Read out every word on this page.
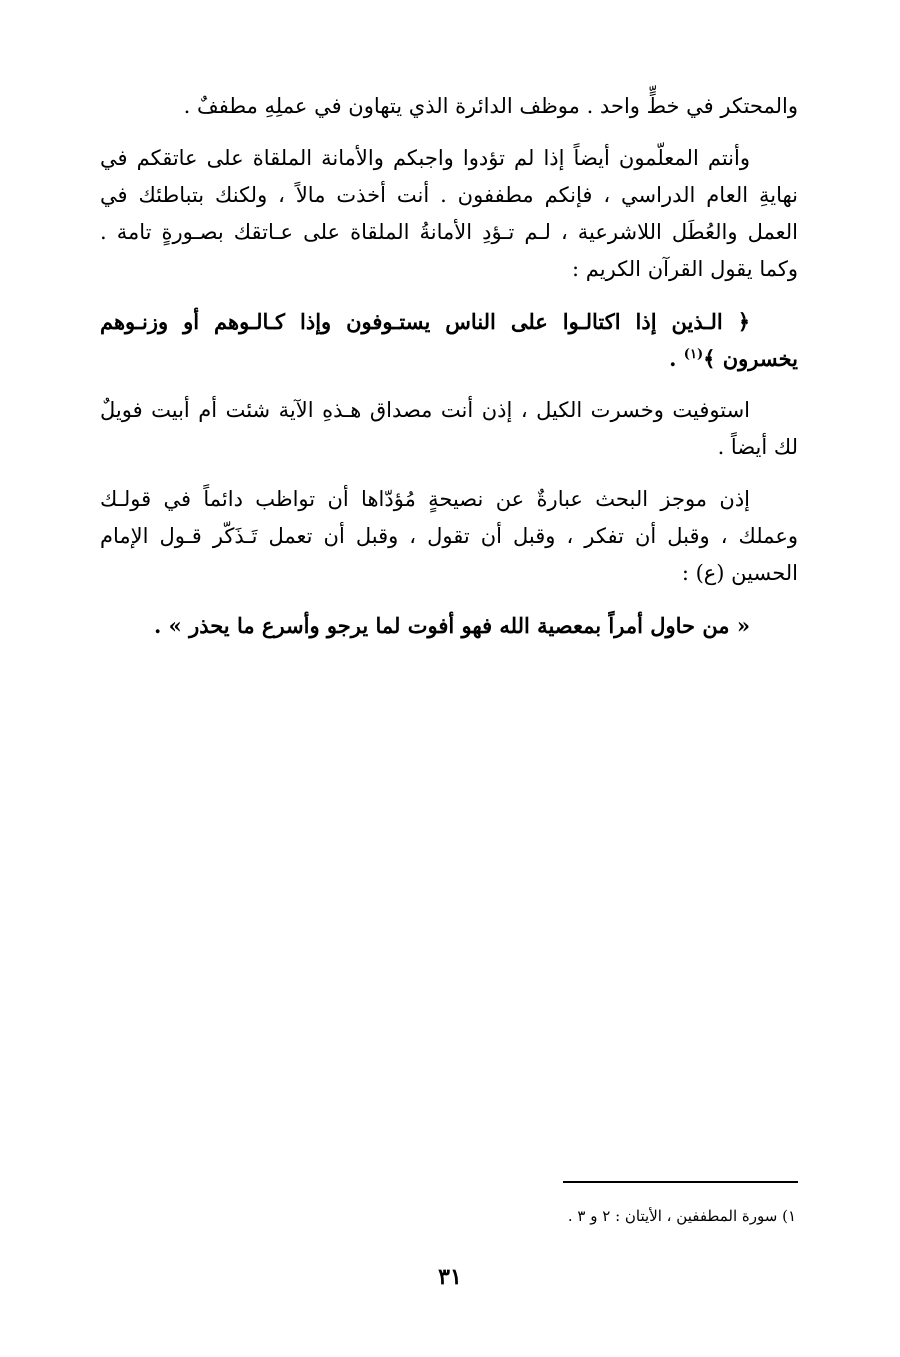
والمحتكر في خطٍّ واحد . موظف الدائرة الذي يتهاون في عملِهِ مطففٌ .

وأنتم المعلّمون أيضاً إذا لم تؤدوا واجبكم والأمانة الملقاة على عاتقكم في نهايةِ العام الدراسي ، فإنكم مطففون . أنت أخذت مالاً ، ولكنك بتباطئك في العمل والعُطَل اللاشرعية ، لـم تـؤدِ الأمانةُ الملقاة على عـاتقك بصـورةٍ تامة . وكما يقول القرآن الكريم :

﴿ الـذين إذا اكتالـوا على الناس يستـوفون وإذا كـالـوهم أو وزنـوهم يخسرون ﴾$^{(١)}$ .

استوفيت وخسرت الكيل ، إذن أنت مصداق هـذهِ الآية شئت أم أبيت فويلٌ لك أيضاً .

إذن موجز البحث عبارةٌ عن نصيحةٍ مُؤدّاها أن تواظب دائماً في قولـك وعملك ، وقبل أن تفكر ، وقبل أن تقول ، وقبل أن تعمل تَـذَكّر قـول الإمام الحسين (ع) :

« من حاول أمراً بمعصية الله فهو أفوت لما يرجو وأسرع ما يحذر » .

١) سورة المطففين ، الأيتان : ٢ و ٣ .
٣١
